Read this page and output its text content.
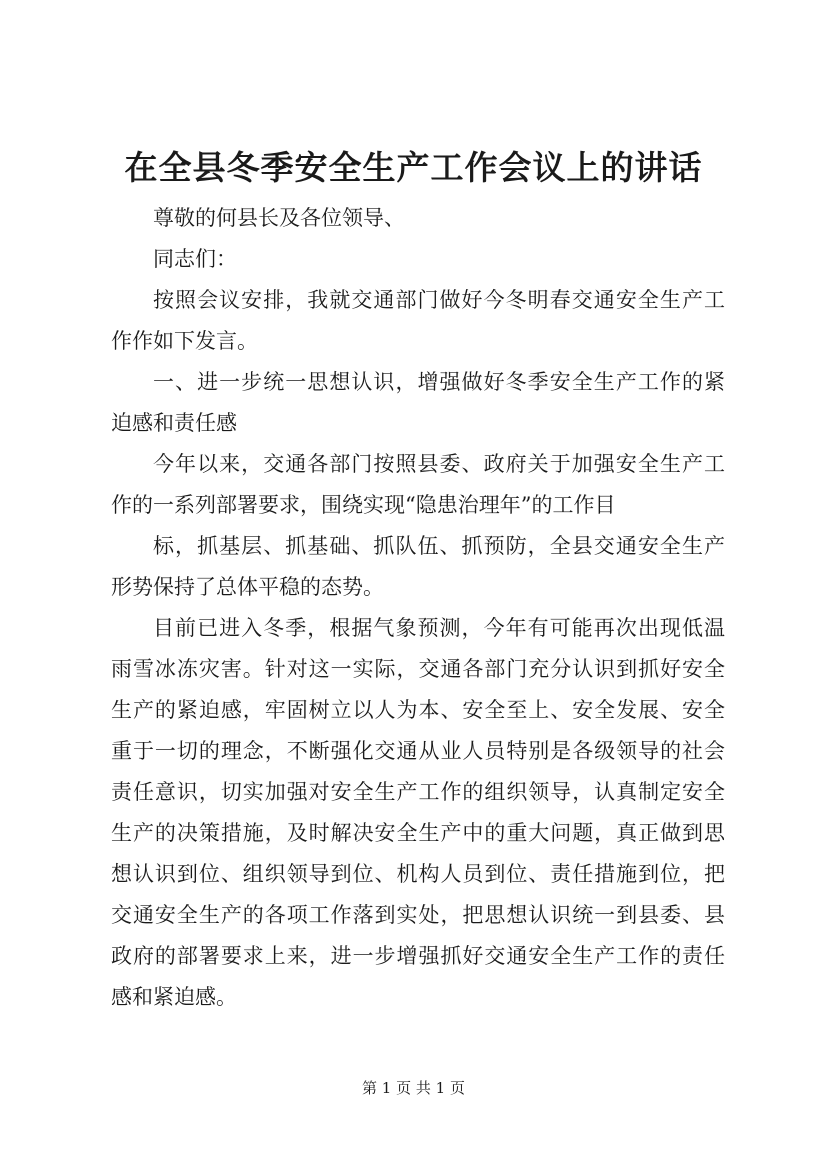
在全县冬季安全生产工作会议上的讲话
尊敬的何县长及各位领导、
同志们：
按照会议安排，我就交通部门做好今冬明春交通安全生产工
作作如下发言。
一、进一步统一思想认识，增强做好冬季安全生产工作的紧
迫感和责任感
今年以来，交通各部门按照县委、政府关于加强安全生产工
作的一系列部署要求，围绕实现“隐患治理年”的工作目
标，抓基层、抓基础、抓队伍、抓预防，全县交通安全生产
形势保持了总体平稳的态势。
目前已进入冬季，根据气象预测，今年有可能再次出现低温
雨雪冰冻灾害。针对这一实际，交通各部门充分认识到抓好安全
生产的紧迫感，牢固树立以人为本、安全至上、安全发展、安全
重于一切的理念，不断强化交通从业人员特别是各级领导的社会
责任意识，切实加强对安全生产工作的组织领导，认真制定安全
生产的决策措施，及时解决安全生产中的重大问题，真正做到思
想认识到位、组织领导到位、机构人员到位、责任措施到位，把
交通安全生产的各项工作落到实处，把思想认识统一到县委、县
政府的部署要求上来，进一步增强抓好交通安全生产工作的责任
感和紧迫感。
第 1 页 共 1 页
